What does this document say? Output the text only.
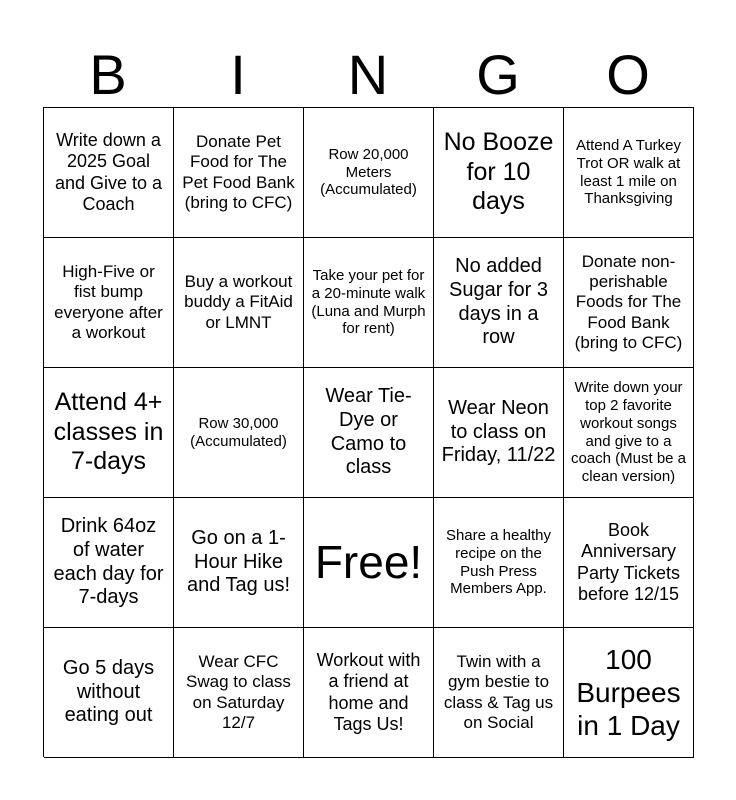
B	I	N	G	O
Write down a 2025 Goal and Give to a Coach
Donate Pet Food for The Pet Food Bank (bring to CFC)
Row 20,000 Meters (Accumulated)
No Booze for 10 days
Attend A Turkey Trot OR walk at least 1 mile on Thanksgiving
High-Five or fist bump everyone after a workout
Buy a workout buddy a FitAid or LMNT
Take your pet for a 20-minute walk
(Luna and Murph for rent)
No added Sugar for 3 days in a row
Donate non-perishable Foods for The Food Bank (bring to CFC)
Attend 4+ classes in 7-days
Row 30,000 (Accumulated)
Wear Tie-Dye or Camo to class
Wear Neon to class on Friday, 11/22
Write down your top 2 favorite workout songs and give to a coach (Must be a clean version)
Drink 64oz of water each day for 7-days
Go on a 1-Hour Hike and Tag us! Free!
Share a healthy recipe on the Push Press Members App.
Book Anniversary Party Tickets before 12/15
Go 5 days without eating out
Wear CFC Swag to class on Saturday 12/7
Workout with a friend at home and Tags Us!
Twin with a gym bestie to class & Tag us on Social
100 Burpees in 1 Day
